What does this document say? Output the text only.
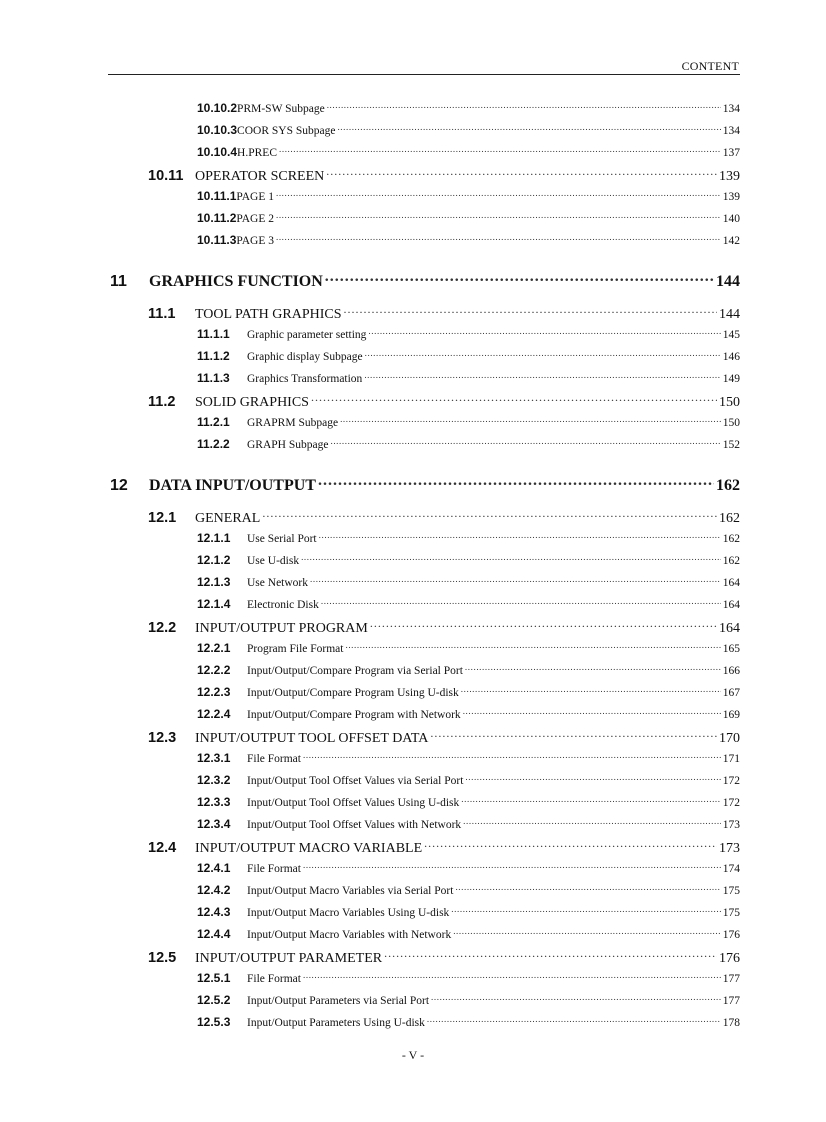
CONTENT
10.10.2 PRM-SW Subpage .....	134
10.10.3 COOR SYS Subpage .....	134
10.10.4 H.PREC .....	137
10.11 OPERATOR SCREEN .....	139
10.11.1 PAGE 1 .....	139
10.11.2 PAGE 2 .....	140
10.11.3 PAGE 3 .....	142
11	GRAPHICS FUNCTION .....	144
11.1	TOOL PATH GRAPHICS .....	144
11.1.1	Graphic parameter setting .....	145
11.1.2	Graphic display Subpage .....	146
11.1.3	Graphics Transformation .....	149
11.2	SOLID GRAPHICS .....	150
11.2.1	GRAPRM Subpage .....	150
11.2.2	GRAPH Subpage .....	152
12	DATA INPUT/OUTPUT .....	162
12.1	GENERAL .....	162
12.1.1	Use Serial Port .....	162
12.1.2	Use U-disk .....	162
12.1.3	Use Network .....	164
12.1.4	Electronic Disk .....	164
12.2	INPUT/OUTPUT PROGRAM .....	164
12.2.1	Program File Format .....	165
12.2.2	Input/Output/Compare Program via Serial Port .....	166
12.2.3	Input/Output/Compare Program Using U-disk .....	167
12.2.4	Input/Output/Compare Program with Network .....	169
12.3	INPUT/OUTPUT TOOL OFFSET DATA .....	170
12.3.1	File Format .....	171
12.3.2	Input/Output Tool Offset Values via Serial Port .....	172
12.3.3	Input/Output Tool Offset Values Using U-disk .....	172
12.3.4	Input/Output Tool Offset Values with Network .....	173
12.4	INPUT/OUTPUT MACRO VARIABLE .....	173
12.4.1	File Format .....	174
12.4.2	Input/Output Macro Variables via Serial Port .....	175
12.4.3	Input/Output Macro Variables Using U-disk .....	175
12.4.4	Input/Output Macro Variables with Network .....	176
12.5	INPUT/OUTPUT PARAMETER .....	176
12.5.1	File Format .....	177
12.5.2	Input/Output Parameters via Serial Port .....	177
12.5.3	Input/Output Parameters Using U-disk .....	178
- V -
